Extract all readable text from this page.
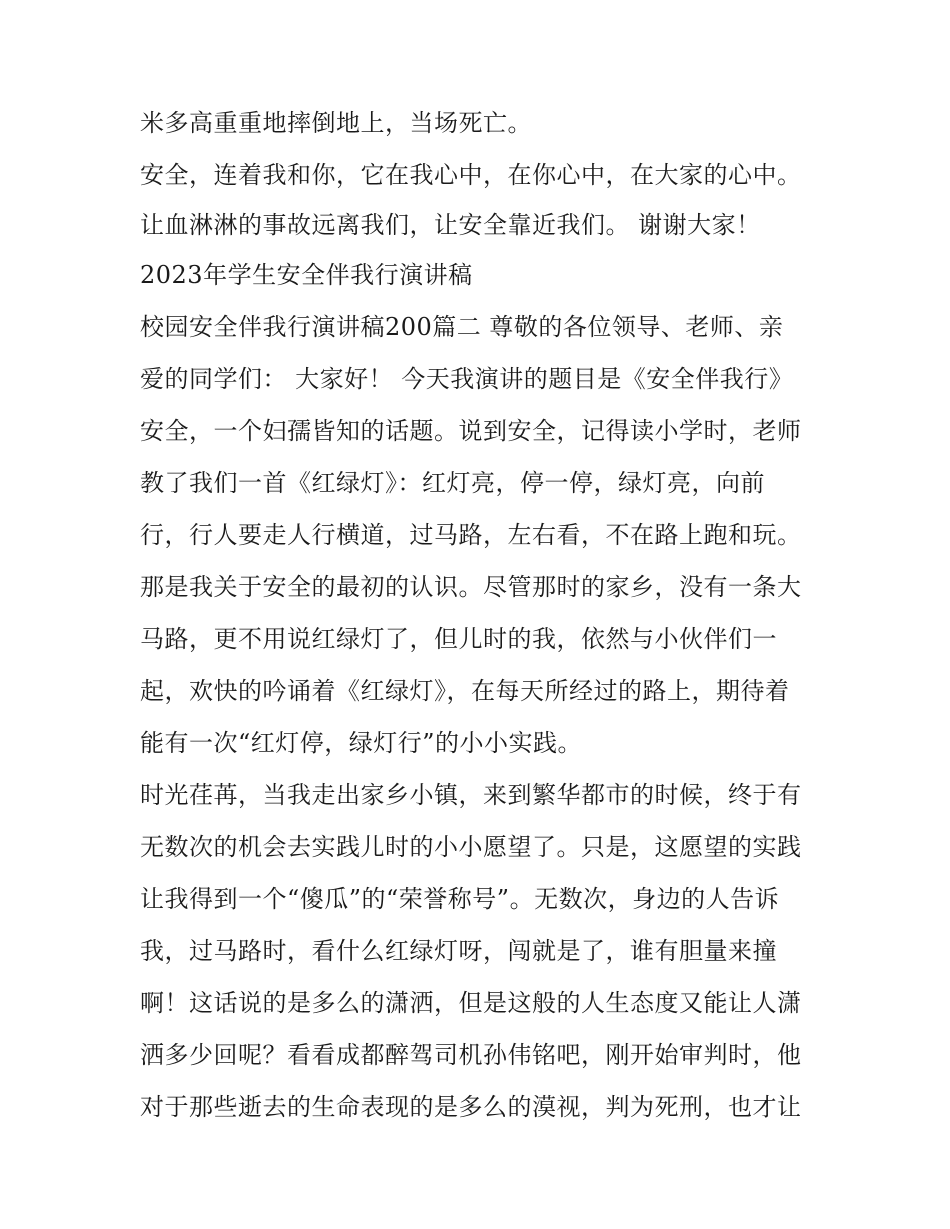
米多高重重地摔倒地上，当场死亡。
安全，连着我和你，它在我心中，在你心中，在大家的心中。
让血淋淋的事故远离我们，让安全靠近我们。 谢谢大家！
2023年学生安全伴我行演讲稿
校园安全伴我行演讲稿200篇二 尊敬的各位领导、老师、亲
爱的同学们： 大家好！ 今天我演讲的题目是《安全伴我行》
安全，一个妇孺皆知的话题。说到安全，记得读小学时，老师
教了我们一首《红绿灯》：红灯亮，停一停，绿灯亮，向前
行，行人要走人行横道，过马路，左右看，不在路上跑和玩。
那是我关于安全的最初的认识。尽管那时的家乡，没有一条大
马路，更不用说红绿灯了，但儿时的我，依然与小伙伴们一
起，欢快的吟诵着《红绿灯》，在每天所经过的路上，期待着
能有一次“红灯停，绿灯行”的小小实践。
时光荏苒，当我走出家乡小镇，来到繁华都市的时候，终于有
无数次的机会去实践儿时的小小愿望了。只是，这愿望的实践
让我得到一个“傻瓜”的“荣誉称号”。无数次，身边的人告诉
我，过马路时，看什么红绿灯呀，闯就是了，谁有胆量来撞
啊！这话说的是多么的潇洒，但是这般的人生态度又能让人潇
洒多少回呢？看看成都醉驾司机孙伟铭吧，刚开始审判时，他
对于那些逝去的生命表现的是多么的漠视，判为死刑，也才让
